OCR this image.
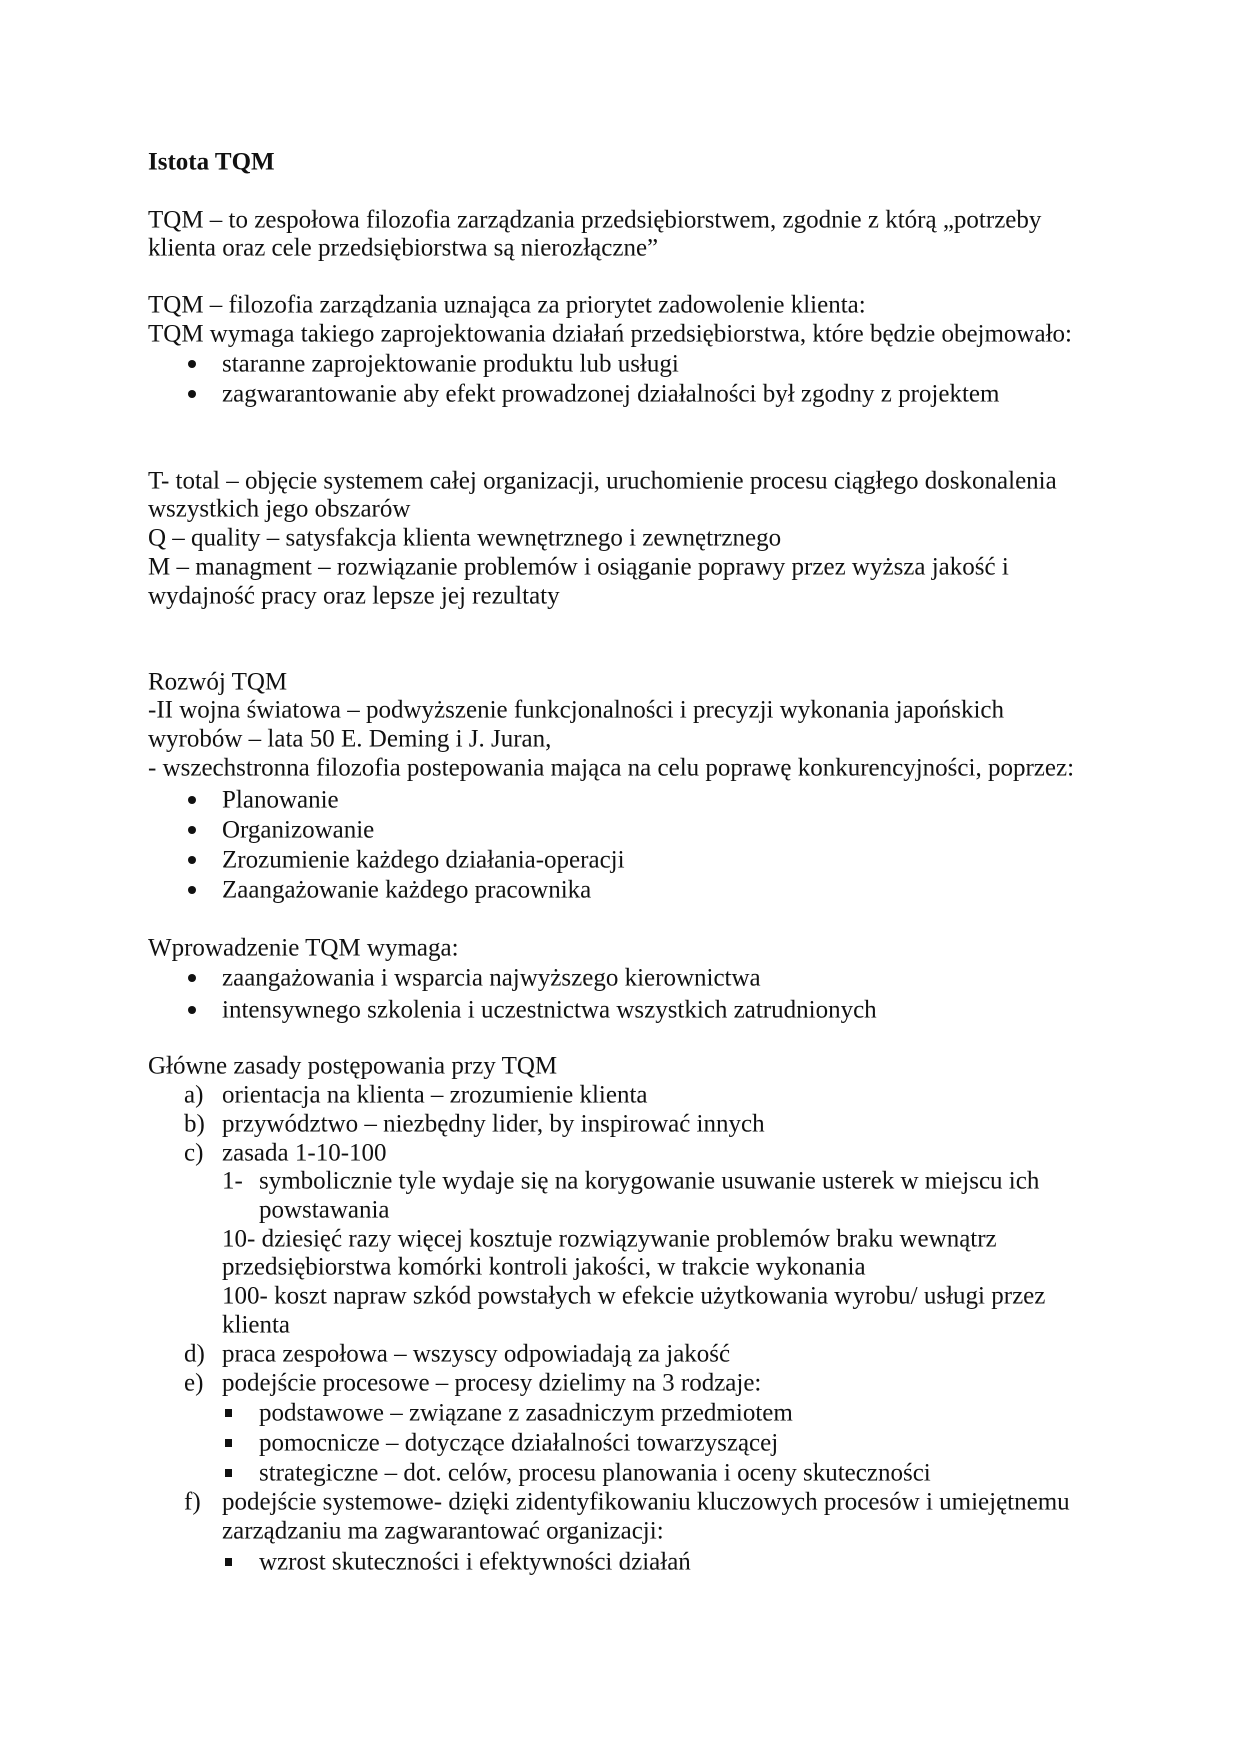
Istota TQM
TQM – to zespołowa filozofia zarządzania przedsiębiorstwem, zgodnie z którą „potrzeby
klienta oraz cele przedsiębiorstwa są nierozłączne”
TQM – filozofia zarządzania uznająca za priorytet zadowolenie klienta:
TQM wymaga takiego zaprojektowania działań przedsiębiorstwa, które będzie obejmowało:
staranne zaprojektowanie produktu lub usługi
zagwarantowanie aby efekt prowadzonej działalności był zgodny z projektem
T- total – objęcie systemem całej organizacji, uruchomienie procesu ciągłego doskonalenia
wszystkich jego obszarów
Q – quality – satysfakcja klienta wewnętrznego i zewnętrznego
M – managment – rozwiązanie problemów i osiąganie poprawy przez wyższa jakość i
wydajność pracy oraz lepsze jej rezultaty
Rozwój TQM
-II wojna światowa – podwyższenie funkcjonalności i precyzji wykonania japońskich
wyrobów – lata 50 E. Deming i J. Juran,
- wszechstronna filozofia postepowania mająca na celu poprawę konkurencyjności, poprzez:
Planowanie
Organizowanie
Zrozumienie każdego działania-operacji
Zaangażowanie każdego pracownika
Wprowadzenie TQM wymaga:
zaangażowania i wsparcia najwyższego kierownictwa
intensywnego szkolenia i uczestnictwa wszystkich zatrudnionych
Główne zasady postępowania przy TQM
a) orientacja na klienta – zrozumienie klienta
b) przywództwo – niezbędny lider, by inspirować innych
c) zasada 1-10-100
1- symbolicznie tyle wydaje się na korygowanie usuwanie usterek w miejscu ich
powstawania
10- dziesięć razy więcej kosztuje rozwiązywanie problemów braku wewnątrz
przedsiębiorstwa komórki kontroli jakości, w trakcie wykonania
100- koszt napraw szkód powstałych w efekcie użytkowania wyrobu/ usługi przez
klienta
d) praca zespołowa – wszyscy odpowiadają za jakość
e) podejście procesowe – procesy dzielimy na 3 rodzaje:
podstawowe – związane z zasadniczym przedmiotem
pomocnicze – dotyczące działalności towarzyszącej
strategiczne – dot. celów, procesu planowania i oceny skuteczności
f) podejście systemowe- dzięki zidentyfikowaniu kluczowych procesów i umiejętnemu
zarządzaniu ma zagwarantować organizacji:
wzrost skuteczności i efektywności działań
